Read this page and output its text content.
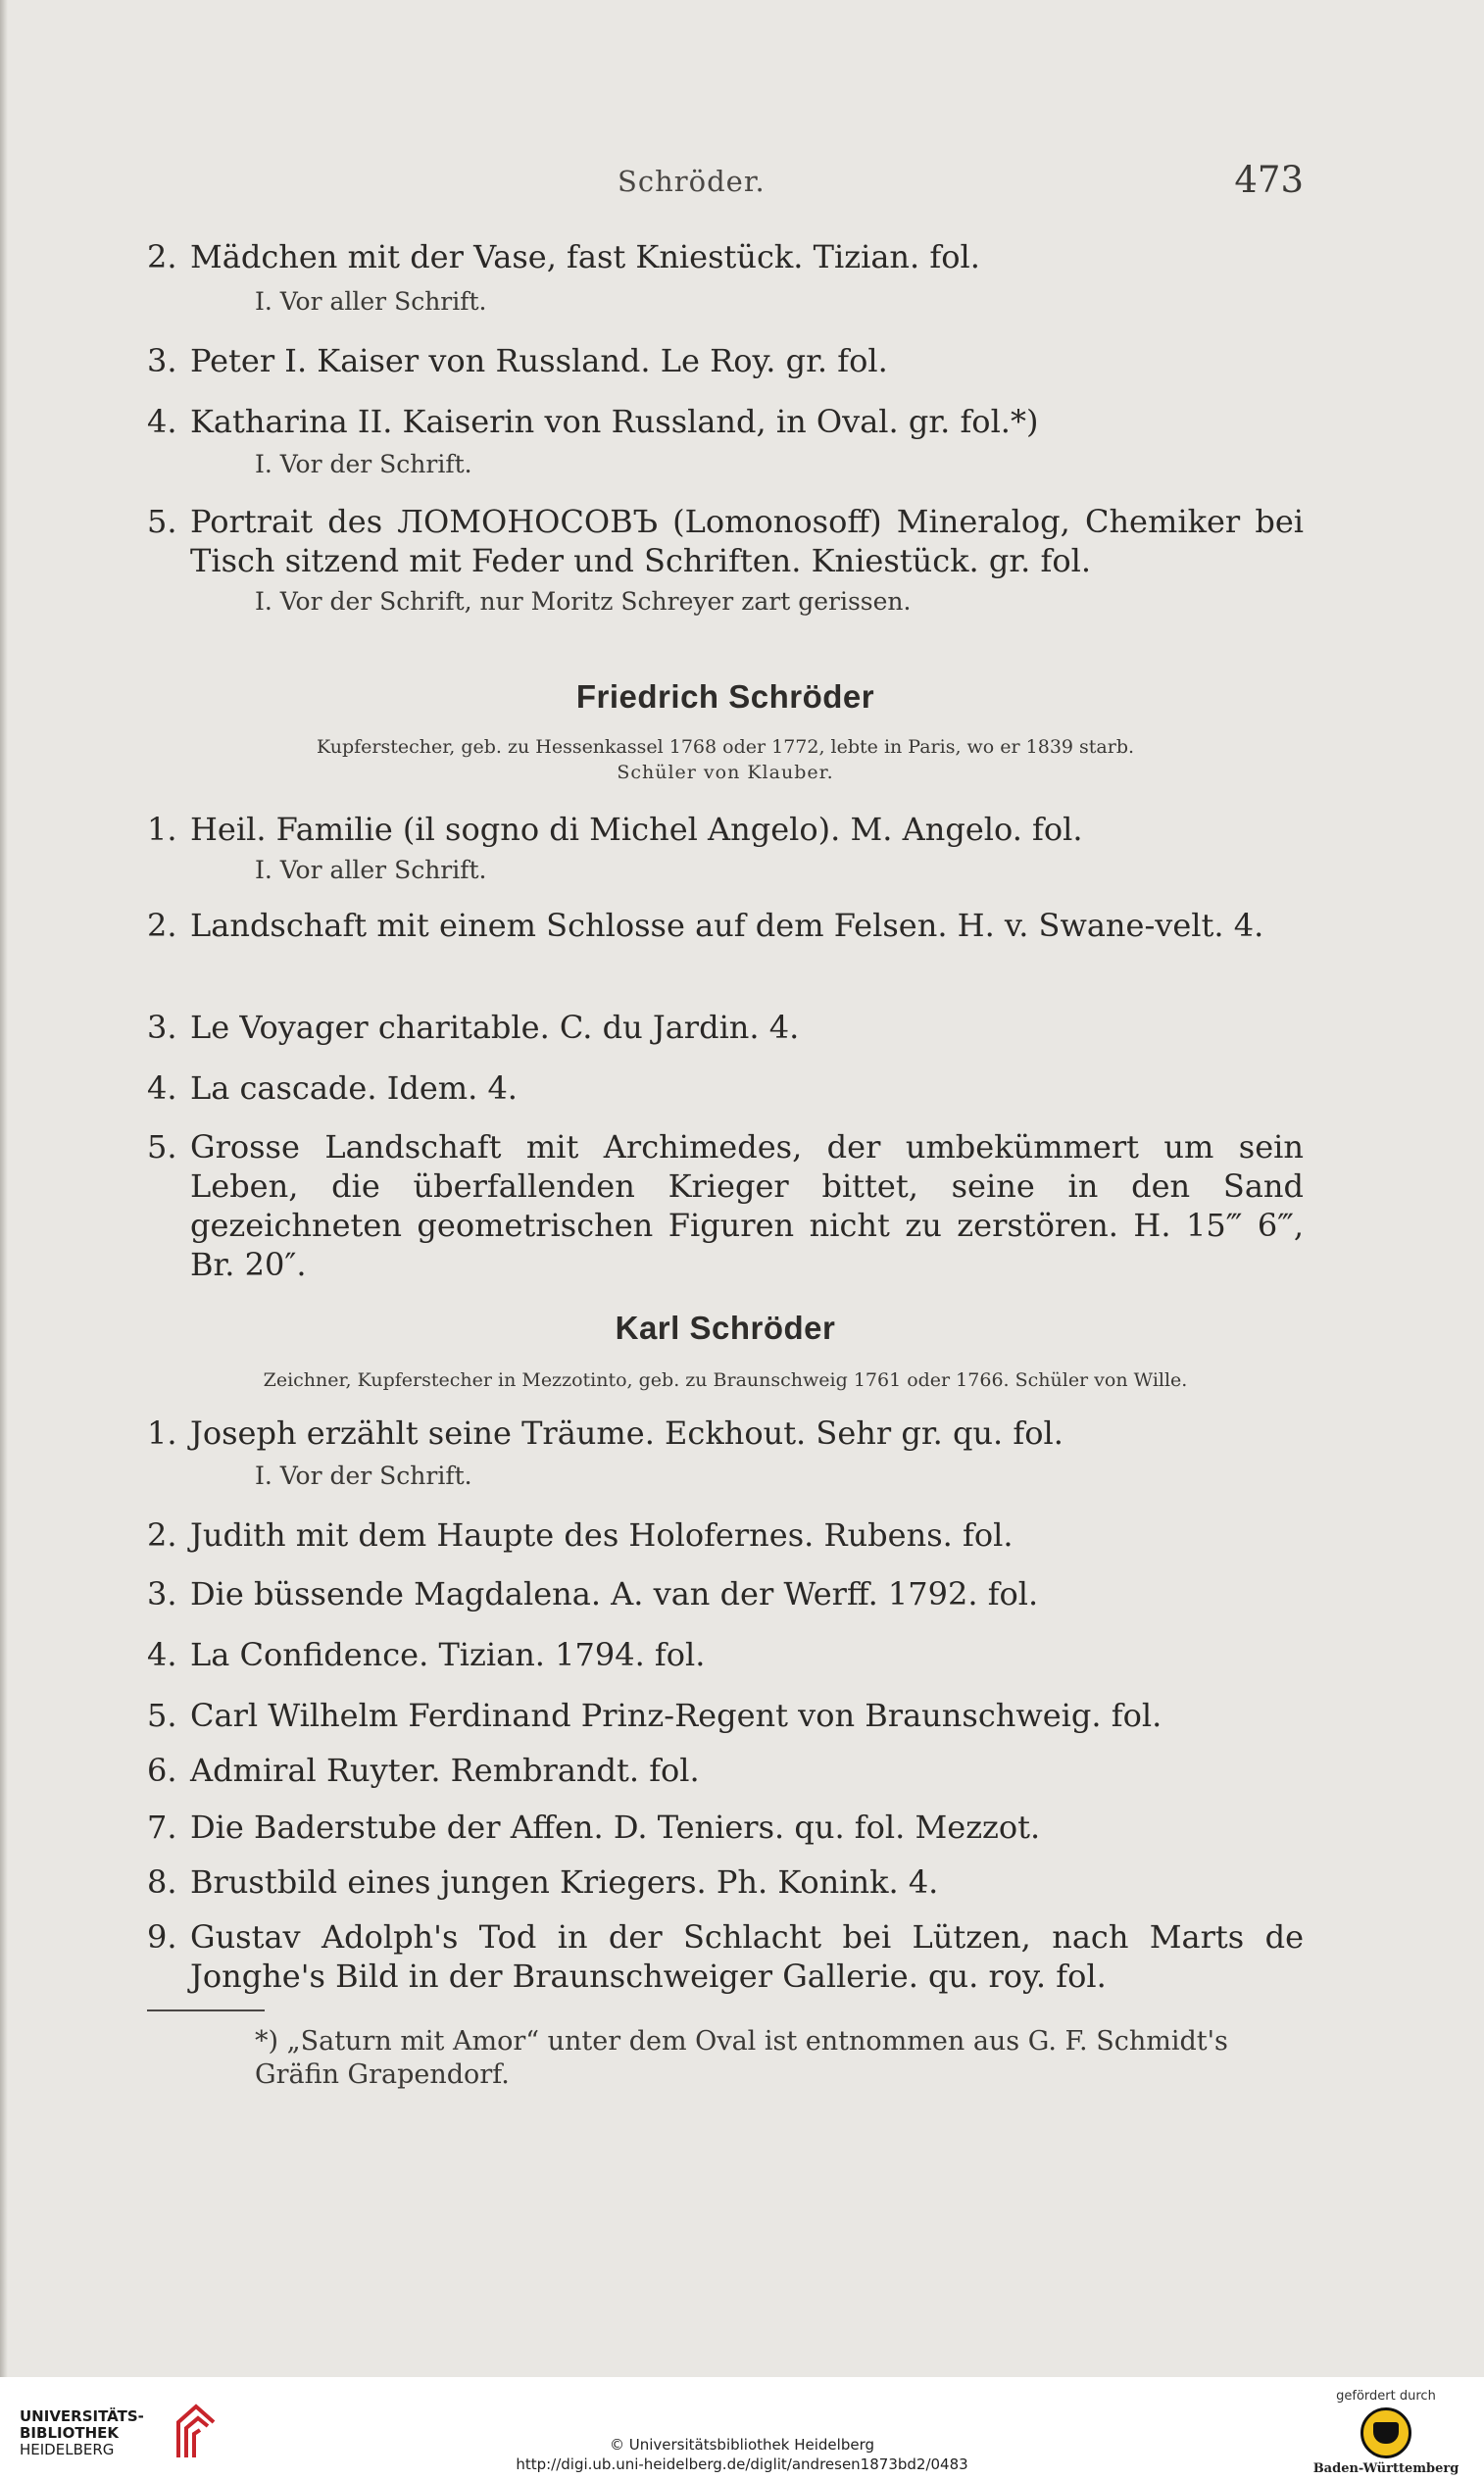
Schröder.	473
2. Mädchen mit der Vase, fast Kniestück. Tizian. fol.
I. Vor aller Schrift.
3. Peter I. Kaiser von Russland. Le Roy. gr. fol.
4. Katharina II. Kaiserin von Russland, in Oval. gr. fol.*)
I. Vor der Schrift.
5. Portrait des ЛОМОНОСОВЪ (Lomonosoff) Mineralog, Chemiker bei Tisch sitzend mit Feder und Schriften. Kniestück. gr. fol.
I. Vor der Schrift, nur Moritz Schreyer zart gerissen.
Friedrich Schröder
Kupferstecher, geb. zu Hessenkassel 1768 oder 1772, lebte in Paris, wo er 1839 starb.
Schüler von Klauber.
1. Heil. Familie (il sogno di Michel Angelo). M. Angelo. fol.
I. Vor aller Schrift.
2. Landschaft mit einem Schlosse auf dem Felsen. H. v. Swane-velt. 4.
3. Le Voyager charitable. C. du Jardin. 4.
4. La cascade. Idem. 4.
5. Grosse Landschaft mit Archimedes, der umbekümmert um sein Leben, die überfallenden Krieger bittet, seine in den Sand gezeichneten geometrischen Figuren nicht zu zerstören. H. 15‴ 6‴, Br. 20″.
Karl Schröder
Zeichner, Kupferstecher in Mezzotinto, geb. zu Braunschweig 1761 oder 1766. Schüler von Wille.
1. Joseph erzählt seine Träume. Eckhout. Sehr gr. qu. fol.
I. Vor der Schrift.
2. Judith mit dem Haupte des Holofernes. Rubens. fol.
3. Die büssende Magdalena. A. van der Werff. 1792. fol.
4. La Confidence. Tizian. 1794. fol.
5. Carl Wilhelm Ferdinand Prinz-Regent von Braunschweig. fol.
6. Admiral Ruyter. Rembrandt. fol.
7. Die Baderstube der Affen. D. Teniers. qu. fol. Mezzot.
8. Brustbild eines jungen Kriegers. Ph. Konink. 4.
9. Gustav Adolph's Tod in der Schlacht bei Lützen, nach Marts de Jonghe's Bild in der Braunschweiger Gallerie. qu. roy. fol.
*) „Saturn mit Amor“ unter dem Oval ist entnommen aus G. F. Schmidt's Gräfin Grapendorf.
UNIVERSITÄTS-
BIBLIOTHEK
HEIDELBERG	© Universitätsbibliothek Heidelberg
http://digi.ub.uni-heidelberg.de/diglit/andresen1873bd2/0483
gefördert durch
Baden-Württemberg
